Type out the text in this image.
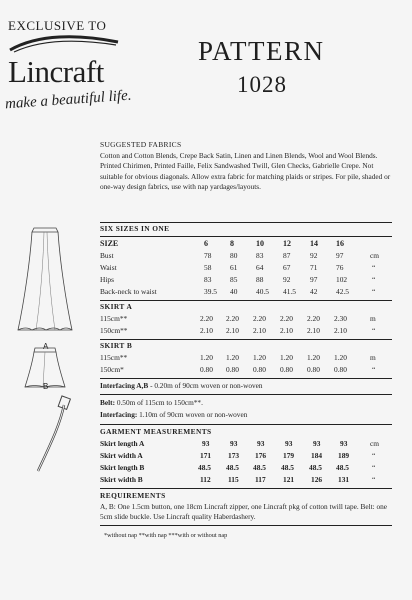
EXCLUSIVE TO
Lincraft
make a beautiful life.
PATTERN
1028
SUGGESTED FABRICS
Cotton and Cotton Blends, Crepe Back Satin, Linen and Linen Blends, Wool and Wool Blends. Printed Chirimen, Printed Faille, Felix Sandwashed Twill, Glen Checks, Gabrielle Crepe. Not suitable for obvious diagonals. Allow extra fabric for matching plaids or stripes. For pile, shaded or one-way design fabrics, use with nap yardages/layouts.
SIX SIZES IN ONE
SIZE	6	8	10 12 14 16
Bust	78	80	83	87	92	97	cm
Waist	58	61	64	67	71	76	“
Hips	83	85	88	92	97	102	“
Back-neck to waist	39.5 40	40.5 41.5 42	42.5	“
SKIRT A
115cm**	2.20 2.20 2.20 2.20 2.20 2.30	m
150cm**	2.10 2.10 2.10 2.10 2.10 2.10	“
SKIRT B
115cm**	1.20 1.20 1.20 1.20 1.20 1.20	m
150cm*	0.80 0.80 0.80 0.80 0.80 0.80	“
Interfacing A,B - 0.20m of 90cm woven or non-woven
Belt: 0.50m of 115cm to 150cm**.
Interfacing: 1.10m of 90cm woven or non-woven
GARMENT MEASUREMENTS
Skirt length A	93	93	93	93	93	93	cm
Skirt width A	171 173 176 179 184 189	“
Skirt length B	48.5 48.5 48.5 48.5 48.5 48.5	“
Skirt width B	112 115 117 121 126 131	“
REQUIREMENTS
A, B: One 1.5cm button, one 18cm Lincraft zipper, one Lincraft pkg of cotton twill tape. Belt: one 5cm slide buckle. Use Lincraft quality Haberdashery.
*without nap **with nap ***with or without nap
A
B
